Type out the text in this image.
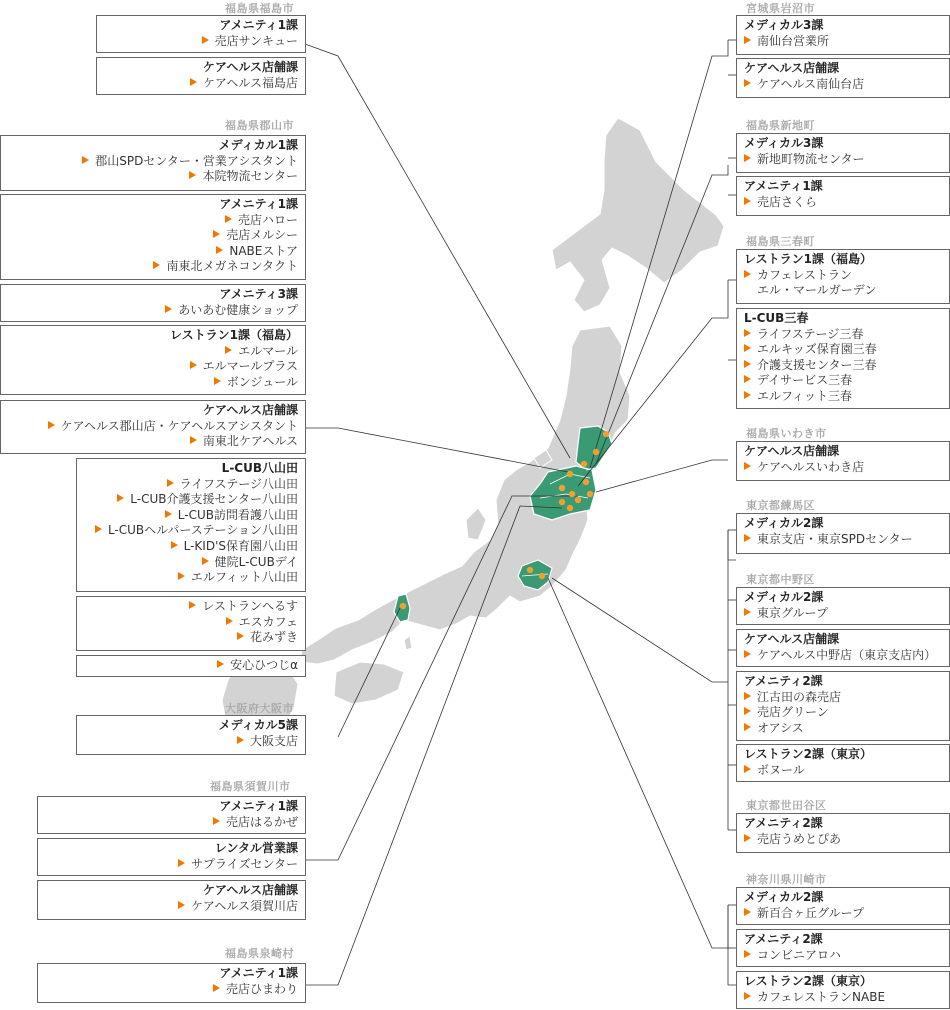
福島県福島市
アメニティ1課
売店サンキュー
ケアヘルス店舗課
ケアヘルス福島店
福島県郡山市
メディカル1課
郡山SPDセンター・営業アシスタント
本院物流センター
アメニティ1課
売店ハロー
売店メルシー
NABEストア
南東北メガネコンタクト
アメニティ3課
あいあむ健康ショップ
レストラン1課（福島）
エルマール
エルマールプラス
ボンジュール
ケアヘルス店舗課
ケアヘルス郡山店・ケアヘルスアシスタント
南東北ケアヘルス
L-CUB八山田
ライフステージ八山田
L-CUB介護支援センター八山田
L-CUB訪問看護八山田
L-CUBヘルパーステーション八山田
L-KID'S保育園八山田
健院L-CUBデイ
エルフィット八山田
レストランへるす
エスカフェ
花みずき
安心ひつじα
大阪府大阪市
メディカル5課
大阪支店
福島県須賀川市
アメニティ1課
売店はるかぜ
レンタル営業課
サプライズセンター
ケアヘルス店舗課
ケアヘルス須賀川店
福島県泉崎村
アメニティ1課
売店ひまわり
宮城県岩沼市
メディカル3課
南仙台営業所
ケアヘルス店舗課
ケアヘルス南仙台店
福島県新地町
メディカル3課
新地町物流センター
アメニティ1課
売店さくら
福島県三春町
レストラン1課（福島）
カフェレストラン
エル・マールガーデン
L-CUB三春
ライフステージ三春
エルキッズ保育園三春
介護支援センター三春
デイサービス三春
エルフィット三春
福島県いわき市
ケアヘルス店舗課
ケアヘルスいわき店
東京都練馬区
メディカル2課
東京支店・東京SPDセンター
東京都中野区
メディカル2課
東京グループ
ケアヘルス店舗課
ケアヘルス中野店（東京支店内）
アメニティ2課
江古田の森売店
売店グリーン
オアシス
レストラン2課（東京）
ボヌール
東京都世田谷区
アメニティ2課
売店うめとぴあ
神奈川県川崎市
メディカル2課
新百合ヶ丘グループ
アメニティ2課
コンビニアロハ
レストラン2課（東京）
カフェレストランNABE
